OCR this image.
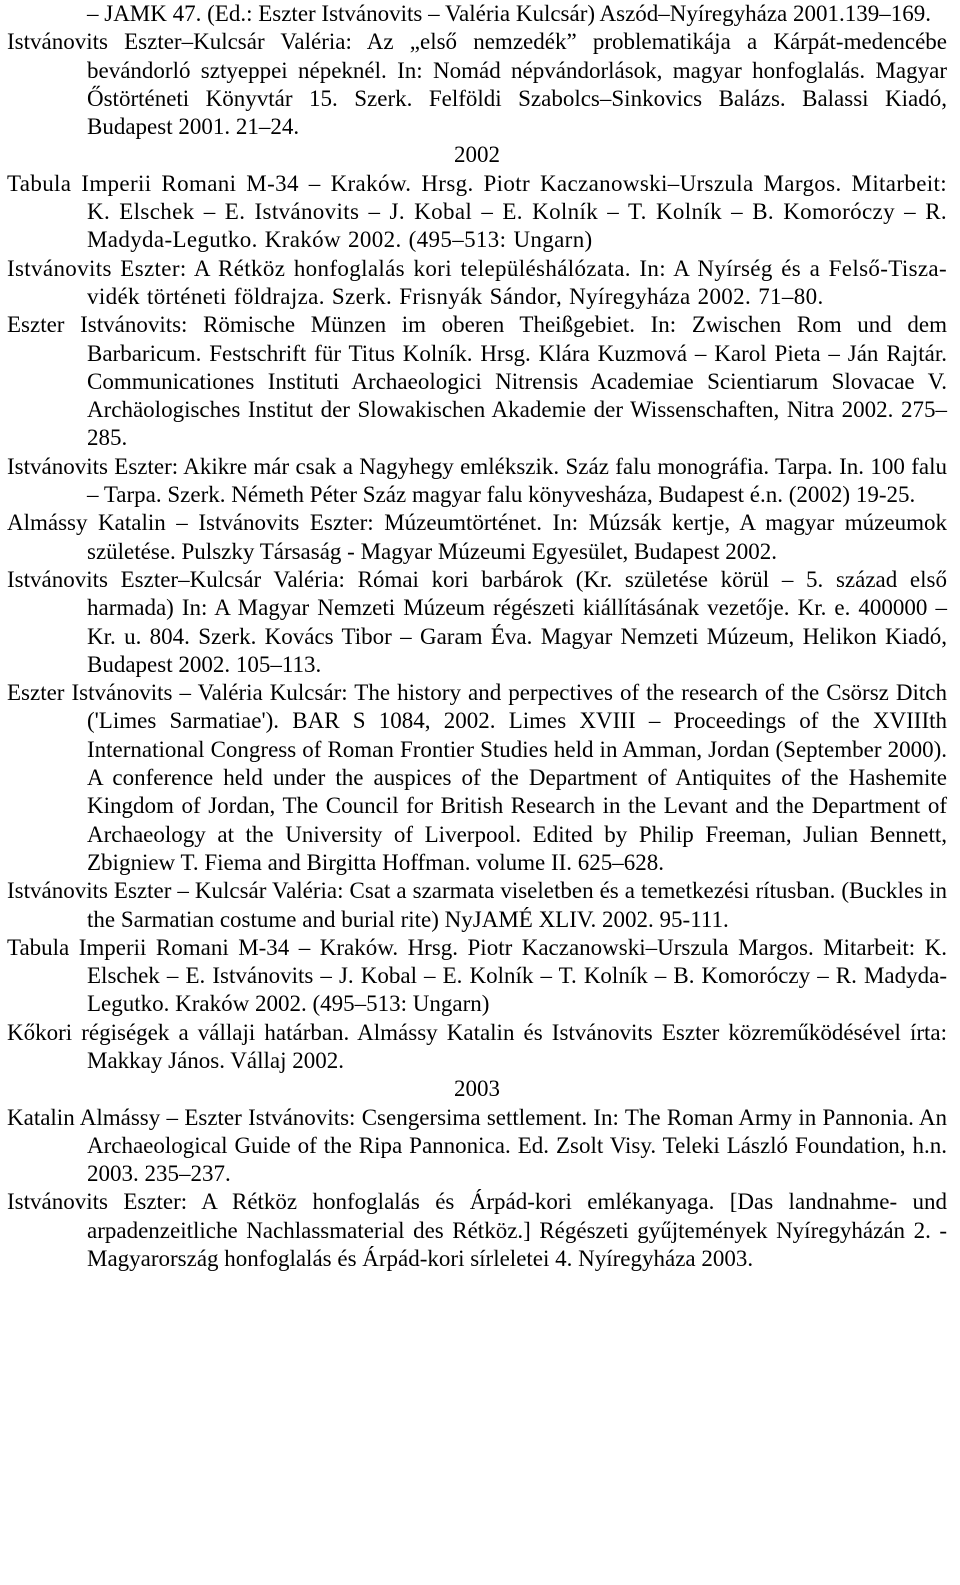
– JAMK 47. (Ed.: Eszter Istvánovits – Valéria Kulcsár) Aszód–Nyíregyháza 2001.139–169.

Istvánovits Eszter–Kulcsár Valéria: Az „első nemzedék” problematikája a Kárpát-medencébe bevándorló sztyeppei népeknél. In: Nomád népvándorlások, magyar honfoglalás. Magyar Őstörténeti Könyvtár 15. Szerk. Felföldi Szabolcs–Sinkovics Balázs. Balassi Kiadó, Budapest 2001. 21–24.

2002

Tabula Imperii Romani M-34 – Kraków. Hrsg. Piotr Kaczanowski–Urszula Margos. Mitarbeit: K. Elschek – E. Istvánovits – J. Kobal – E. Kolník – T. Kolník – B. Komoróczy – R. Madyda-Legutko. Kraków 2002. (495–513: Ungarn)

Istvánovits Eszter: A Rétköz honfoglalás kori településhálózata. In: A Nyírség és a Felső-Tisza-vidék történeti földrajza. Szerk. Frisnyák Sándor, Nyíregyháza 2002. 71–80.

Eszter Istvánovits: Römische Münzen im oberen Theißgebiet. In: Zwischen Rom und dem Barbaricum. Festschrift für Titus Kolník. Hrsg. Klára Kuzmová – Karol Pieta – Ján Rajtár. Communicationes Instituti Archaeologici Nitrensis Academiae Scientiarum Slovacae V. Archäologisches Institut der Slowakischen Akademie der Wissenschaften, Nitra 2002. 275–285.

Istvánovits Eszter: Akikre már csak a Nagyhegy emlékszik. Száz falu monográfia. Tarpa. In. 100 falu – Tarpa. Szerk. Németh Péter Száz magyar falu könyvesháza, Budapest é.n. (2002) 19-25.

Almássy Katalin – Istvánovits Eszter: Múzeumtörténet. In: Múzsák kertje, A magyar múzeumok születése. Pulszky Társaság - Magyar Múzeumi Egyesület, Budapest 2002.

Istvánovits Eszter–Kulcsár Valéria: Római kori barbárok (Kr. születése körül – 5. század első harmada) In: A Magyar Nemzeti Múzeum régészeti kiállításának vezetője. Kr. e. 400000 – Kr. u. 804. Szerk. Kovács Tibor – Garam Éva. Magyar Nemzeti Múzeum, Helikon Kiadó, Budapest 2002. 105–113.

Eszter Istvánovits – Valéria Kulcsár: The history and perpectives of the research of the Csörsz Ditch ('Limes Sarmatiae'). BAR S 1084, 2002. Limes XVIII – Proceedings of the XVIIIth International Congress of Roman Frontier Studies held in Amman, Jordan (September 2000). A conference held under the auspices of the Department of Antiquites of the Hashemite Kingdom of Jordan, The Council for British Research in the Levant and the Department of Archaeology at the University of Liverpool. Edited by Philip Freeman, Julian Bennett, Zbigniew T. Fiema and Birgitta Hoffman. volume II. 625–628.

Istvánovits Eszter – Kulcsár Valéria: Csat a szarmata viseletben és a temetkezési rítusban. (Buckles in the Sarmatian costume and burial rite) NyJAMÉ XLIV. 2002. 95-111.

Tabula Imperii Romani M-34 – Kraków. Hrsg. Piotr Kaczanowski–Urszula Margos. Mitarbeit: K. Elschek – E. Istvánovits – J. Kobal – E. Kolník – T. Kolník – B. Komoróczy – R. Madyda-Legutko. Kraków 2002. (495–513: Ungarn)

Kőkori régiségek a vállaji határban. Almássy Katalin és Istvánovits Eszter közreműködésével írta: Makkay János. Vállaj 2002.

2003

Katalin Almássy – Eszter Istvánovits: Csengersima settlement. In: The Roman Army in Pannonia. An Archaeological Guide of the Ripa Pannonica. Ed. Zsolt Visy. Teleki László Foundation, h.n. 2003. 235–237.

Istvánovits Eszter: A Rétköz honfoglalás és Árpád-kori emlékanyaga. [Das landnahme- und arpadenzeitliche Nachlassmaterial des Rétköz.] Régészeti gyűjtemények Nyíregyházán 2. - Magyarország honfoglalás és Árpád-kori sírleletei 4. Nyíregyháza 2003.
